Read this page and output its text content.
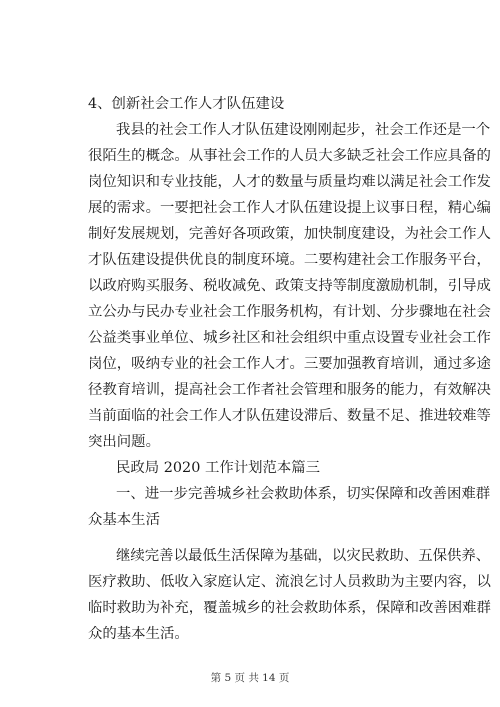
4、创新社会工作人才队伍建设
我县的社会工作人才队伍建设刚刚起步，社会工作还是一个
很陌生的概念。从事社会工作的人员大多缺乏社会工作应具备的
岗位知识和专业技能，人才的数量与质量均难以满足社会工作发
展的需求。一要把社会工作人才队伍建设提上议事日程，精心编
制好发展规划，完善好各项政策，加快制度建设，为社会工作人
才队伍建设提供优良的制度环境。二要构建社会工作服务平台，
以政府购买服务、税收减免、政策支持等制度激励机制，引导成
立公办与民办专业社会工作服务机构，有计划、分步骤地在社会
公益类事业单位、城乡社区和社会组织中重点设置专业社会工作
岗位，吸纳专业的社会工作人才。三要加强教育培训，通过多途
径教育培训，提高社会工作者社会管理和服务的能力，有效解决
当前面临的社会工作人才队伍建设滞后、数量不足、推进较难等
突出问题。
民政局 2020 工作计划范本篇三
一、进一步完善城乡社会救助体系，切实保障和改善困难群
众基本生活
继续完善以最低生活保障为基础，以灾民救助、五保供养、
医疗救助、低收入家庭认定、流浪乞讨人员救助为主要内容，以
临时救助为补充，覆盖城乡的社会救助体系，保障和改善困难群
众的基本生活。
第 5 页 共 14 页
